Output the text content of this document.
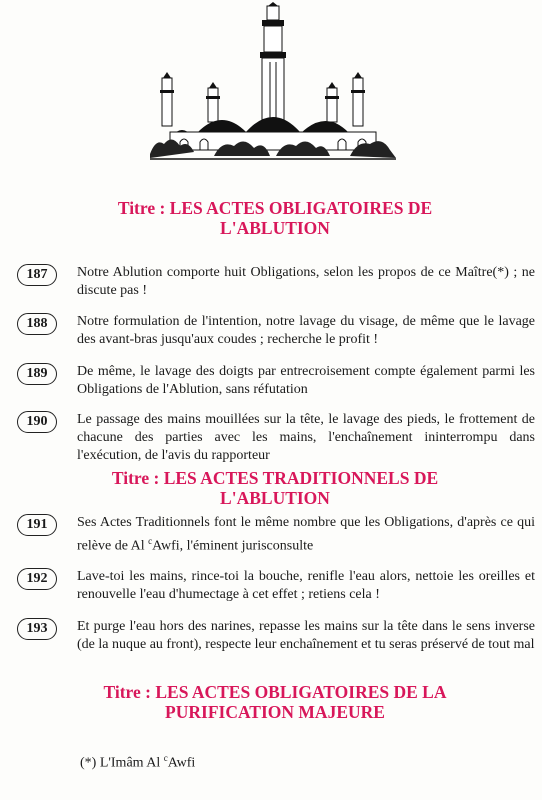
Titre : LES ACTES OBLIGATOIRES DE
L'ABLUTION
187	Notre Ablution comporte huit Obligations, selon les propos de ce Maître(*) ; ne discute pas !
188	Notre formulation de l'intention, notre lavage du visage, de même que le lavage des avant-bras jusqu'aux coudes ; recherche le profit !
189	De même, le lavage des doigts par entrecroisement compte également parmi les Obligations de l'Ablution, sans réfutation
190	Le passage des mains mouillées sur la tête, le lavage des pieds, le frottement de chacune des parties avec les mains, l'enchaînement ininterrompu dans l'exécution, de l'avis du rapporteur
Titre : LES ACTES TRADITIONNELS DE
L'ABLUTION
191	Ses Actes Traditionnels font le même nombre que les Obligations, d'après ce qui relève de Al $^c$Awfi, l'éminent jurisconsulte
192	Lave-toi les mains, rince-toi la bouche, renifle l'eau alors, nettoie les oreilles et renouvelle l'eau d'humectage à cet effet ; retiens cela !
193	Et purge l'eau hors des narines, repasse les mains sur la tête dans le sens inverse (de la nuque au front), respecte leur enchaînement et tu seras préservé de tout mal
Titre : LES ACTES OBLIGATOIRES DE LA
PURIFICATION MAJEURE
(*) L'Imâm Al $^c$Awfi
